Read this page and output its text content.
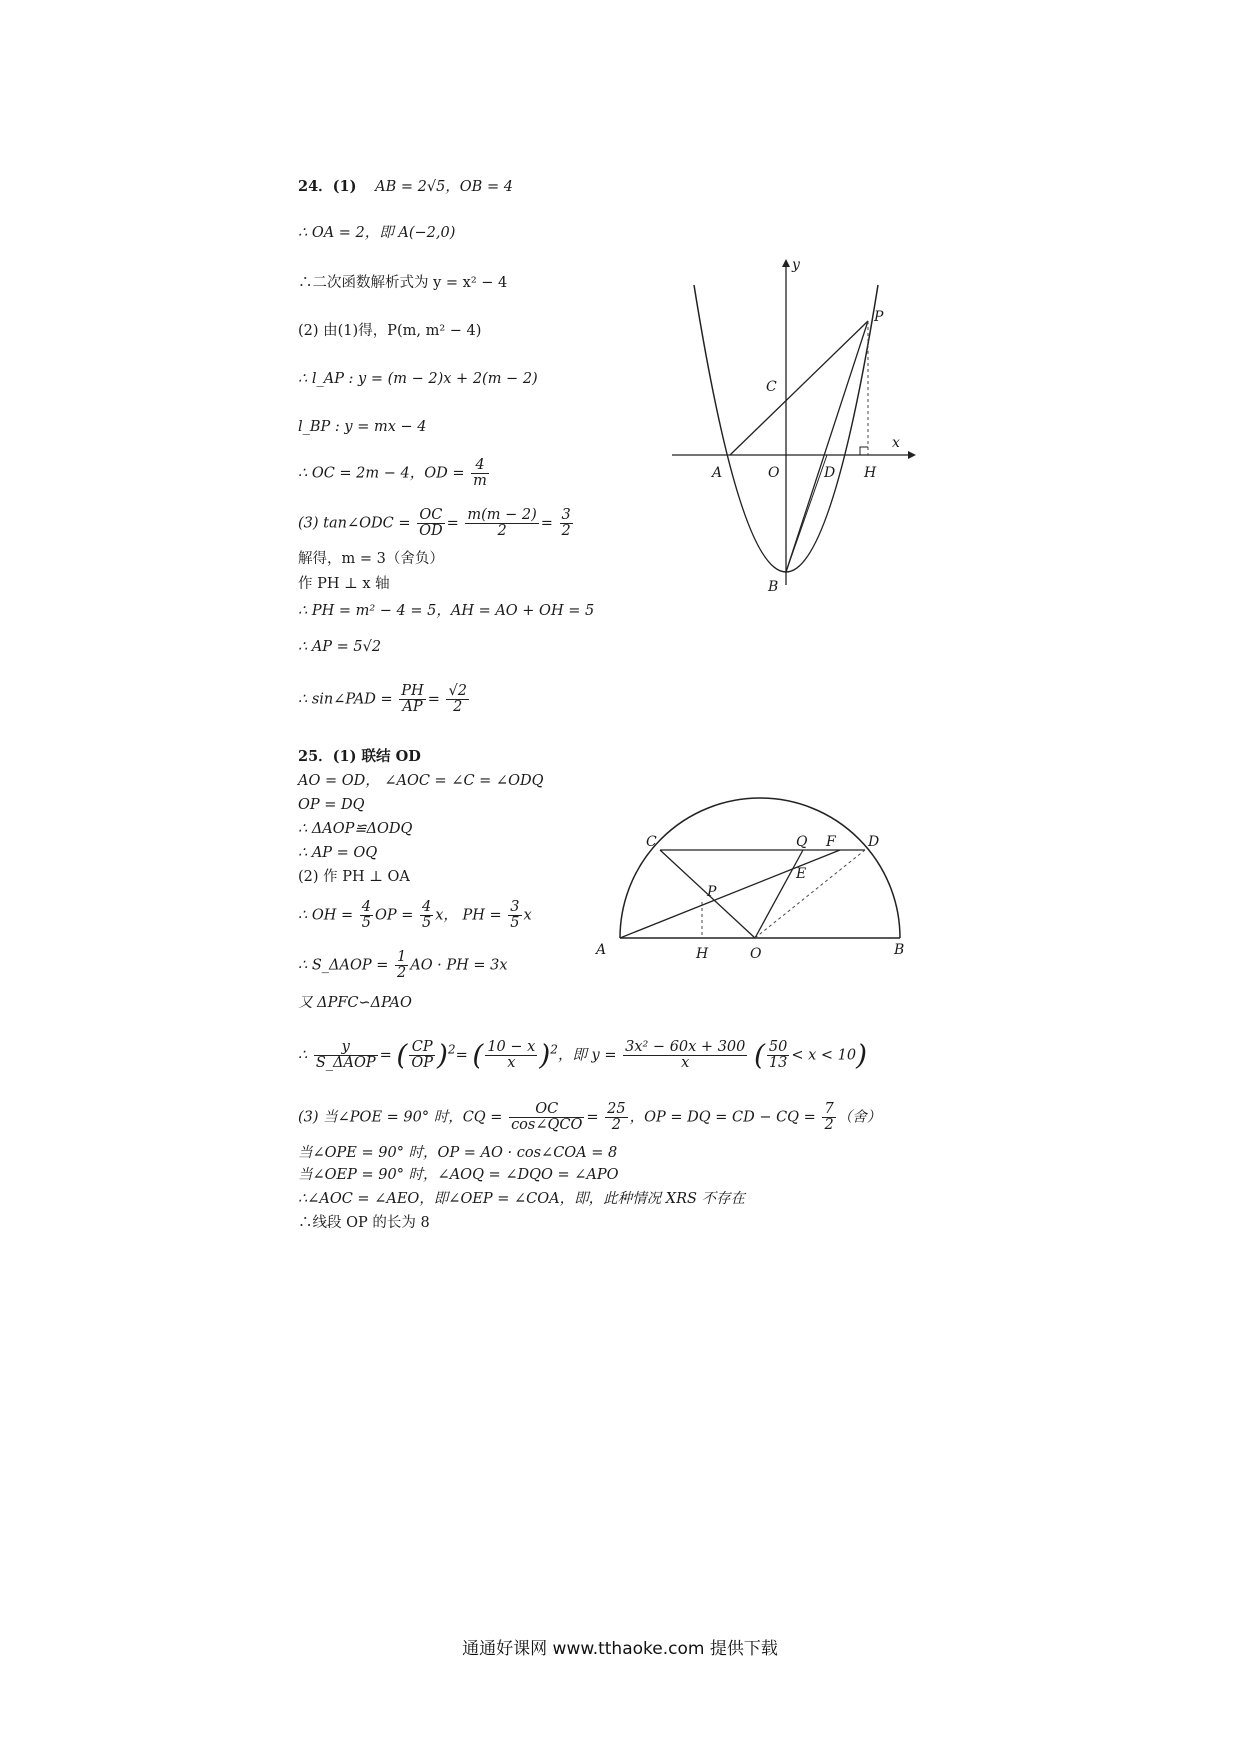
24．(1) AB = 2√5，OB = 4
∴ OA = 2，即 A(−2,0)
∴二次函数解析式为 y = x² − 4
(2) 由(1)得，P(m, m² − 4)
∴ l_AP : y = (m − 2)x + 2(m − 2)
l_BP : y = mx − 4
∴ OC = 2m − 4，OD = $\frac{4}{m}$
(3) tan∠ODC = $\frac{OC}{OD} = \frac{m(m - 2)}{2} = \frac{3}{2}$
解得，m = 3（舍负）
作 PH ⊥ x 轴
∴ PH = m² − 4 = 5，AH = AO + OH = 5
∴ AP = 5√2
∴ sin∠PAD = $\frac{PH}{AP} = \frac{√2}{2}$
y
x
P
C
A	O	D H
B
25．(1) 联结 OD
AO = OD， ∠AOC = ∠C = ∠ODQ
OP = DQ
∴ ΔAOP≌ΔODQ
∴ AP = OQ
(2) 作 PH ⊥ OA
∴ OH = $\frac{4}{5}$ OP = $\frac{4}{5}$ x， PH = $\frac{3}{5}$ x
∴ S_ΔAOP = $\frac{1}{2}$ AO · PH = 3x
又 ΔPFC∽ΔPAO
∴ $\frac{y}{\text{S\_ΔAOP}}$ = ( $\frac{CP}{OP} )^2=$ ( $\frac{10 - x}{x} )^2$，即 $y = \frac{\text{3x² − 60x + 300}}{x}$ ( $\frac{50}{13} < x < 10$)
(3) 当∠POE = 90° 时，CQ = $\frac{OC}{\text{cos∠QCO}} = \frac{25}{2}$ ，OP = DQ = CD − CQ = $\frac{7}{2}$ （舍）
当∠OPE = 90° 时，OP = AO · cos∠COA = 8
当∠OEP = 90° 时，∠AOQ = ∠DQO = ∠APO
∴∠AOC = ∠AEO，即∠OEP = ∠COA，即，此种情况 XRS 不存在
∴线段 OP 的长为 8
C	Q F D
P
E
A	H	O	B
通通好课网 www.tthaoke.com 提供下载
